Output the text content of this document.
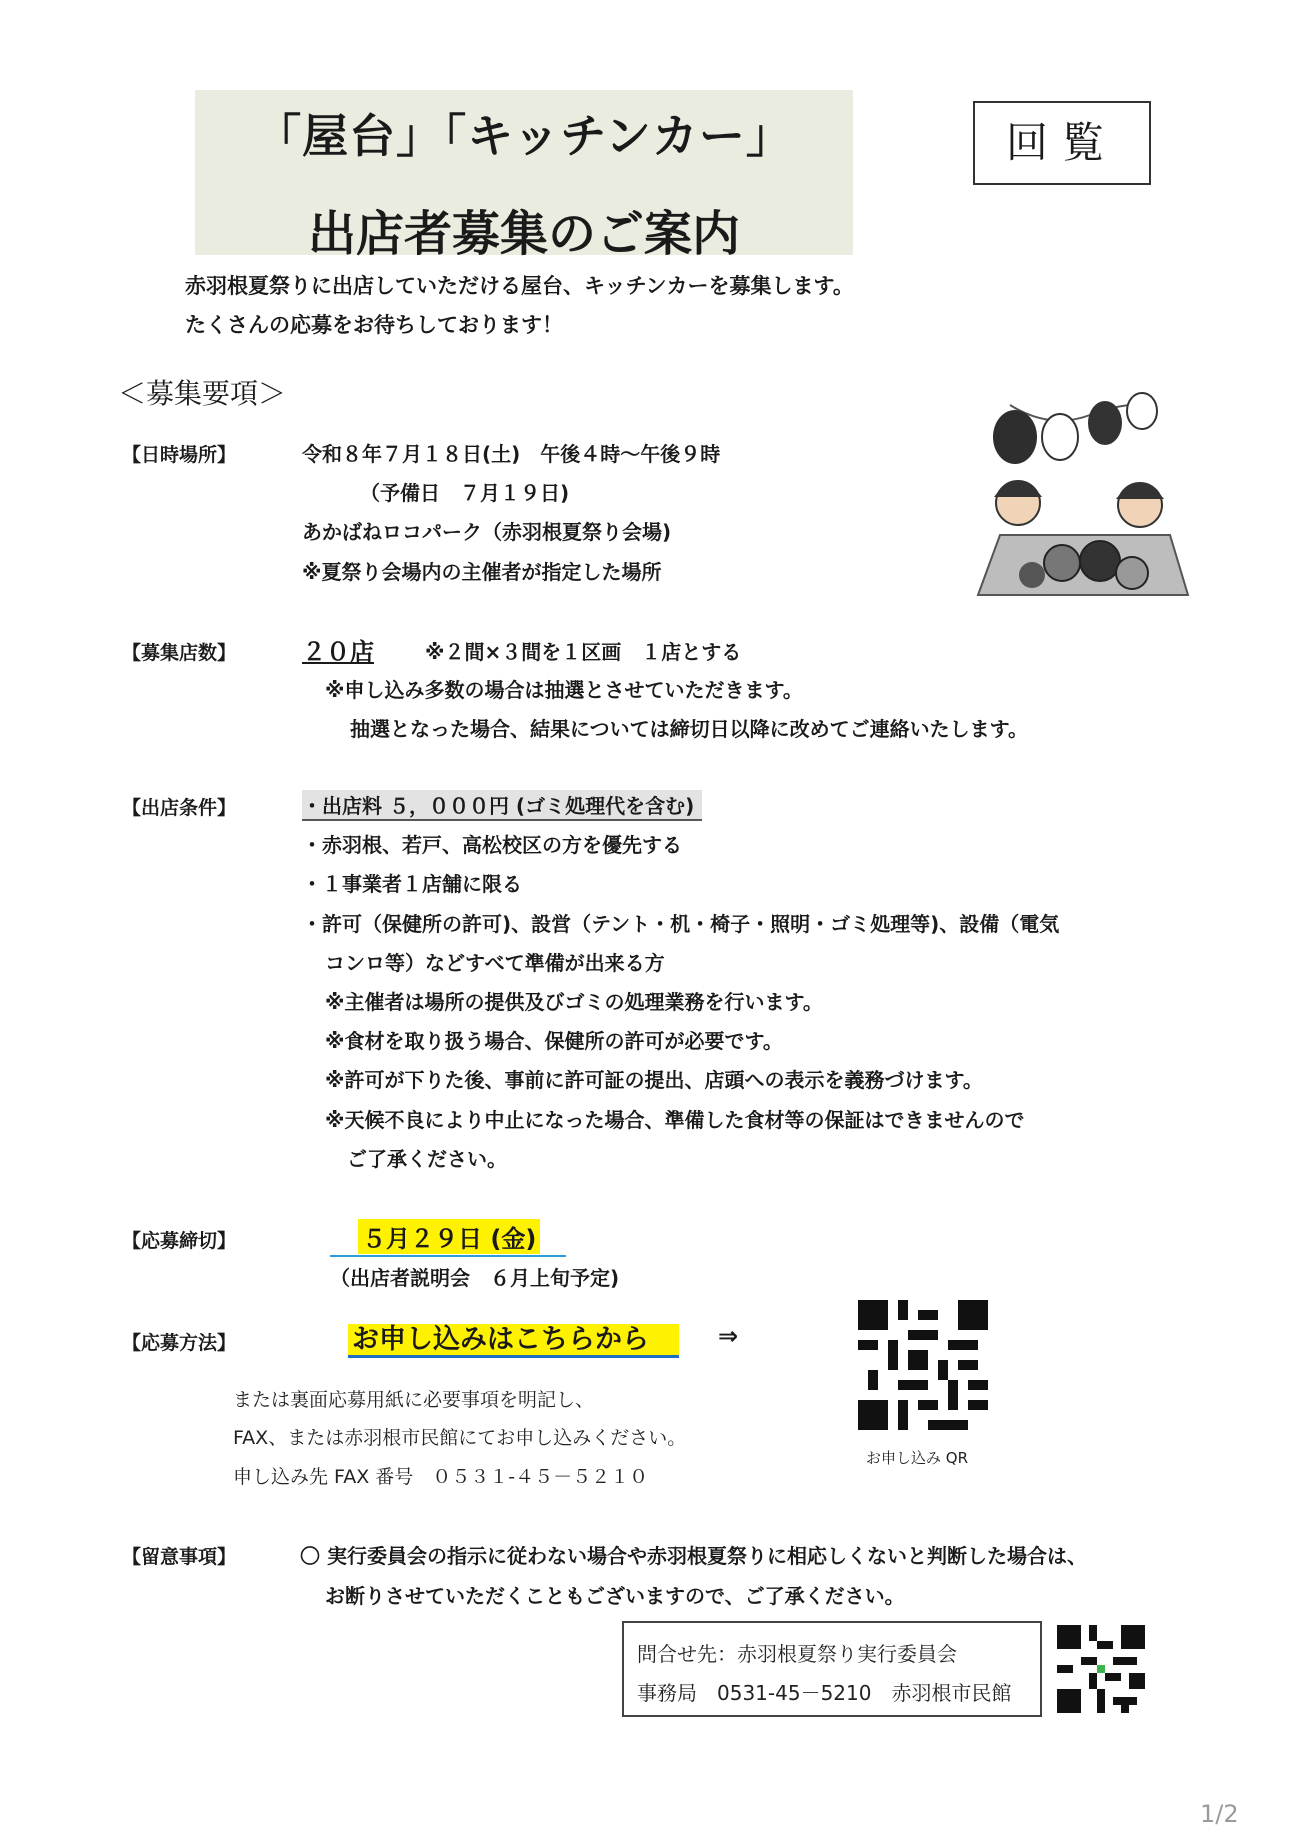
「屋台」「キッチンカー」
出店者募集のご案内
回覧
赤羽根夏祭りに出店していただける屋台、キッチンカーを募集します。
たくさんの応募をお待ちしております！
＜募集要項＞
【日時場所】	令和８年７月１８日(土)　午後４時～午後９時
（予備日　７月１９日)
あかばねロコパーク（赤羽根夏祭り会場)
※夏祭り会場内の主催者が指定した場所
【募集店数】	２０店	※２間×３間を１区画　１店とする
※申し込み多数の場合は抽選とさせていただきます。
抽選となった場合、結果については締切日以降に改めてご連絡いたします。
【出店条件】	・出店料 ５，０００円 (ゴミ処理代を含む)
・赤羽根、若戸、高松校区の方を優先する
・１事業者１店舗に限る
・許可（保健所の許可)、設営（テント・机・椅子・照明・ゴミ処理等)、設備（電気
コンロ等）などすべて準備が出来る方
※主催者は場所の提供及びゴミの処理業務を行います。
※食材を取り扱う場合、保健所の許可が必要です。
※許可が下りた後、事前に許可証の提出、店頭への表示を義務づけます。
※天候不良により中止になった場合、準備した食材等の保証はできませんので
ご了承ください。
【応募締切】	５月２９日 (金)
（出店者説明会　６月上旬予定)
【応募方法】	お申し込みはこちらから	⇒
または裏面応募用紙に必要事項を明記し、
FAX、または赤羽根市民館にてお申し込みください。
申し込み先 FAX 番号　０５３１-４５－５２１０
お申し込み QR
【留意事項】	〇 実行委員会の指示に従わない場合や赤羽根夏祭りに相応しくないと判断した場合は、
お断りさせていただくこともございますので、ご了承ください。
問合せ先：赤羽根夏祭り実行委員会
事務局　0531-45－5210　赤羽根市民館
1/2
